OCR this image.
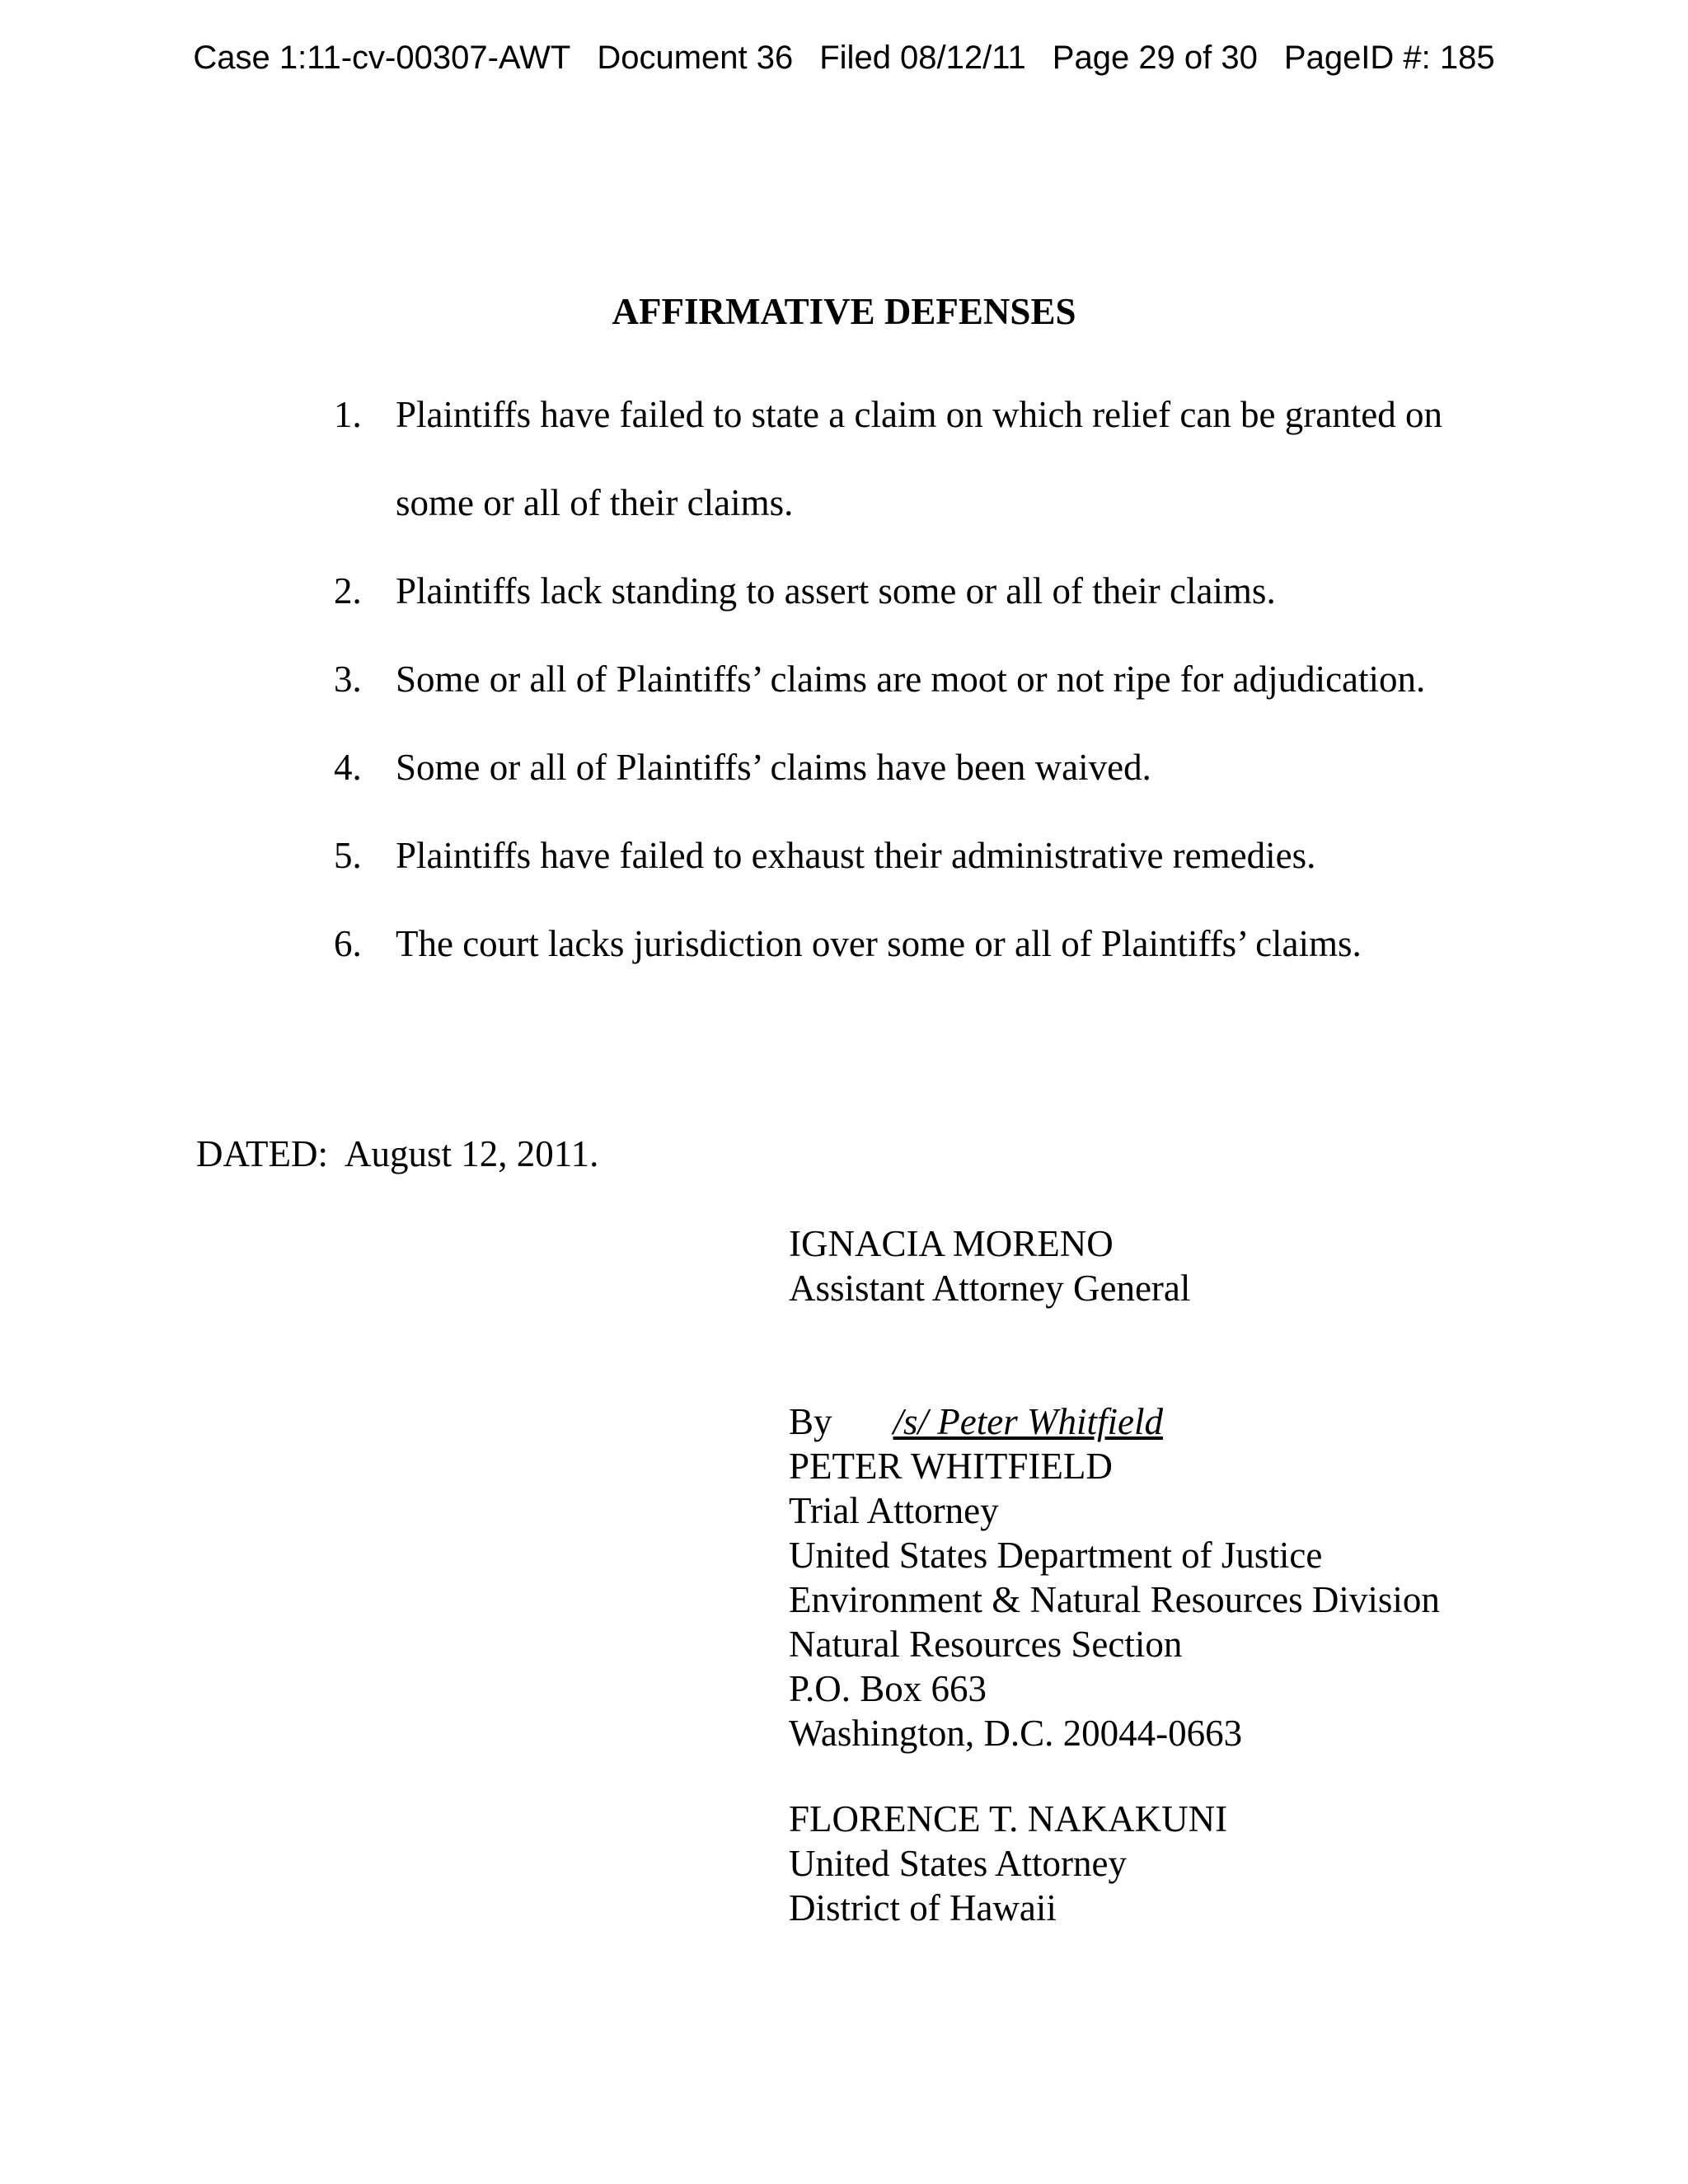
Case 1:11-cv-00307-AWT Document 36 Filed 08/12/11 Page 29 of 30 PageID #: 185
AFFIRMATIVE DEFENSES
1. Plaintiffs have failed to state a claim on which relief can be granted on
some or all of their claims.
2. Plaintiffs lack standing to assert some or all of their claims.
3. Some or all of Plaintiffs’ claims are moot or not ripe for adjudication.
4. Some or all of Plaintiffs’ claims have been waived.
5. Plaintiffs have failed to exhaust their administrative remedies.
6. The court lacks jurisdiction over some or all of Plaintiffs’ claims.
DATED:  August 12, 2011.
IGNACIA MORENO
Assistant Attorney General
By /s/ Peter Whitfield
PETER WHITFIELD
Trial Attorney
United States Department of Justice
Environment & Natural Resources Division
Natural Resources Section
P.O. Box 663
Washington, D.C. 20044-0663
FLORENCE T. NAKAKUNI
United States Attorney
District of Hawaii
